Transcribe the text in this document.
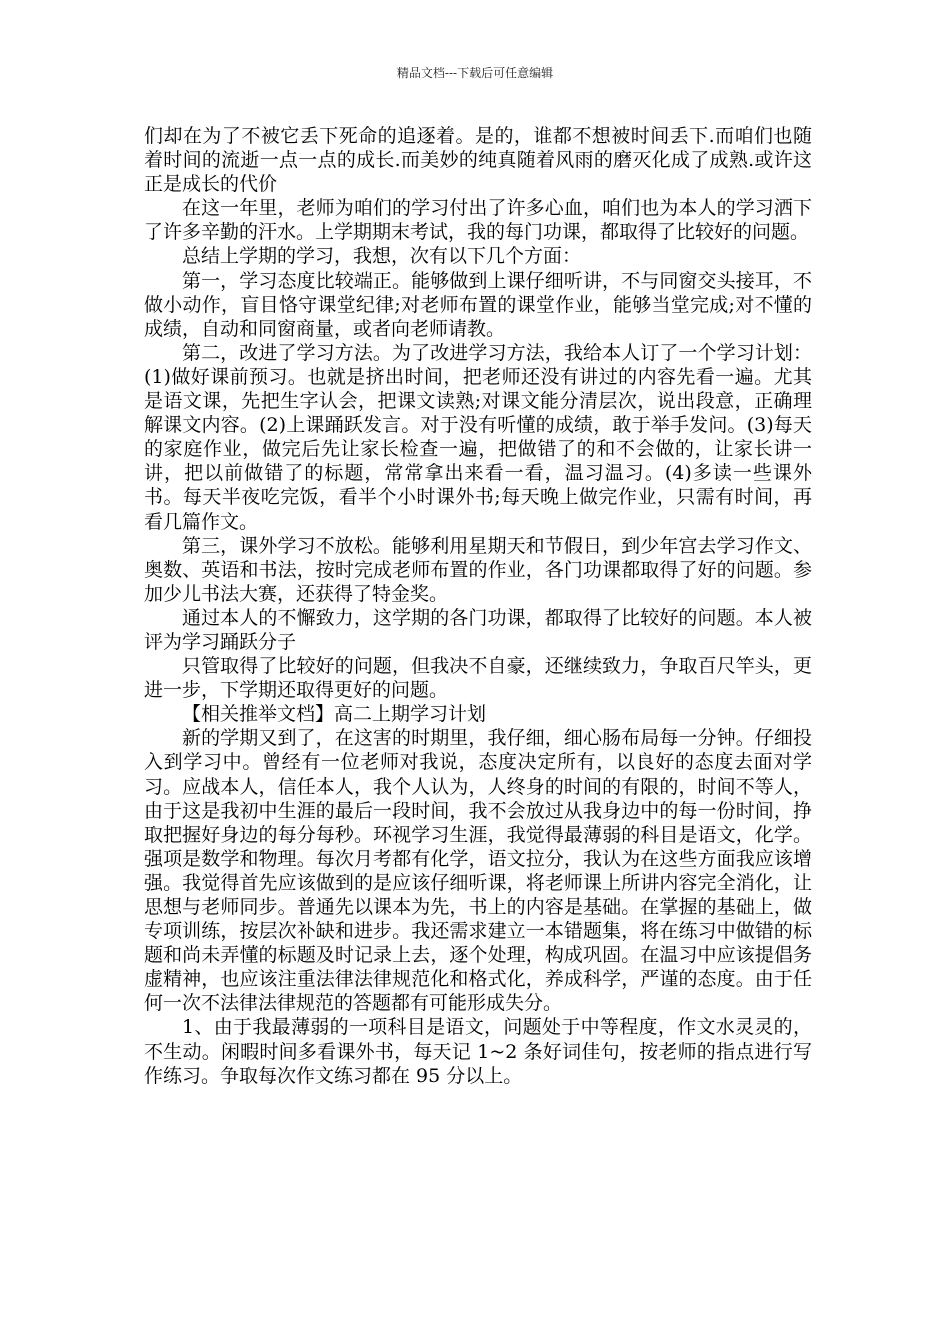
精品文档---下载后可任意编辑

们却在为了不被它丢下死命的追逐着。是的，谁都不想被时间丢下.而咱们也随着时间的流逝一点一点的成长.而美妙的纯真随着风雨的磨灭化成了成熟.或许这正是成长的代价

在这一年里，老师为咱们的学习付出了许多心血，咱们也为本人的学习洒下了许多辛勤的汗水。上学期期末考试，我的每门功课，都取得了比较好的问题。

总结上学期的学习，我想，次有以下几个方面：

第一，学习态度比较端正。能够做到上课仔细听讲，不与同窗交头接耳，不做小动作，盲目恪守课堂纪律;对老师布置的课堂作业，能够当堂完成;对不懂的成绩，自动和同窗商量，或者向老师请教。

第二，改进了学习方法。为了改进学习方法，我给本人订了一个学习计划：(1)做好课前预习。也就是挤出时间，把老师还没有讲过的内容先看一遍。尤其是语文课，先把生字认会，把课文读熟;对课文能分清层次，说出段意，正确理解课文内容。(2)上课踊跃发言。对于没有听懂的成绩，敢于举手发问。(3)每天的家庭作业，做完后先让家长检查一遍，把做错了的和不会做的，让家长讲一讲，把以前做错了的标题，常常拿出来看一看，温习温习。(4)多读一些课外书。每天半夜吃完饭，看半个小时课外书;每天晚上做完作业，只需有时间，再看几篇作文。

第三，课外学习不放松。能够利用星期天和节假日，到少年宫去学习作文、奥数、英语和书法，按时完成老师布置的作业，各门功课都取得了好的问题。参加少儿书法大赛，还获得了特金奖。

通过本人的不懈致力，这学期的各门功课，都取得了比较好的问题。本人被评为学习踊跃分子

只管取得了比较好的问题，但我决不自豪，还继续致力，争取百尺竿头，更进一步，下学期还取得更好的问题。

【相关推举文档】高二上期学习计划

新的学期又到了，在这害的时期里，我仔细，细心肠布局每一分钟。仔细投入到学习中。曾经有一位老师对我说，态度决定所有，以良好的态度去面对学习。应战本人，信任本人，我个人认为，人终身的时间的有限的，时间不等人，由于这是我初中生涯的最后一段时间，我不会放过从我身边中的每一份时间，挣取把握好身边的每分每秒。环视学习生涯，我觉得最薄弱的科目是语文，化学。强项是数学和物理。每次月考都有化学，语文拉分，我认为在这些方面我应该增强。我觉得首先应该做到的是应该仔细听课，将老师课上所讲内容完全消化，让思想与老师同步。普通先以课本为先，书上的内容是基础。在掌握的基础上，做专项训练，按层次补缺和进步。我还需求建立一本错题集，将在练习中做错的标题和尚未弄懂的标题及时记录上去，逐个处理，构成巩固。在温习中应该提倡务虚精神，也应该注重法律法律规范化和格式化，养成科学，严谨的态度。由于任何一次不法律法律规范的答题都有可能形成失分。

1、由于我最薄弱的一项科目是语文，问题处于中等程度，作文水灵灵的，不生动。闲暇时间多看课外书，每天记 1~2 条好词佳句，按老师的指点进行写作练习。争取每次作文练习都在 95 分以上。
